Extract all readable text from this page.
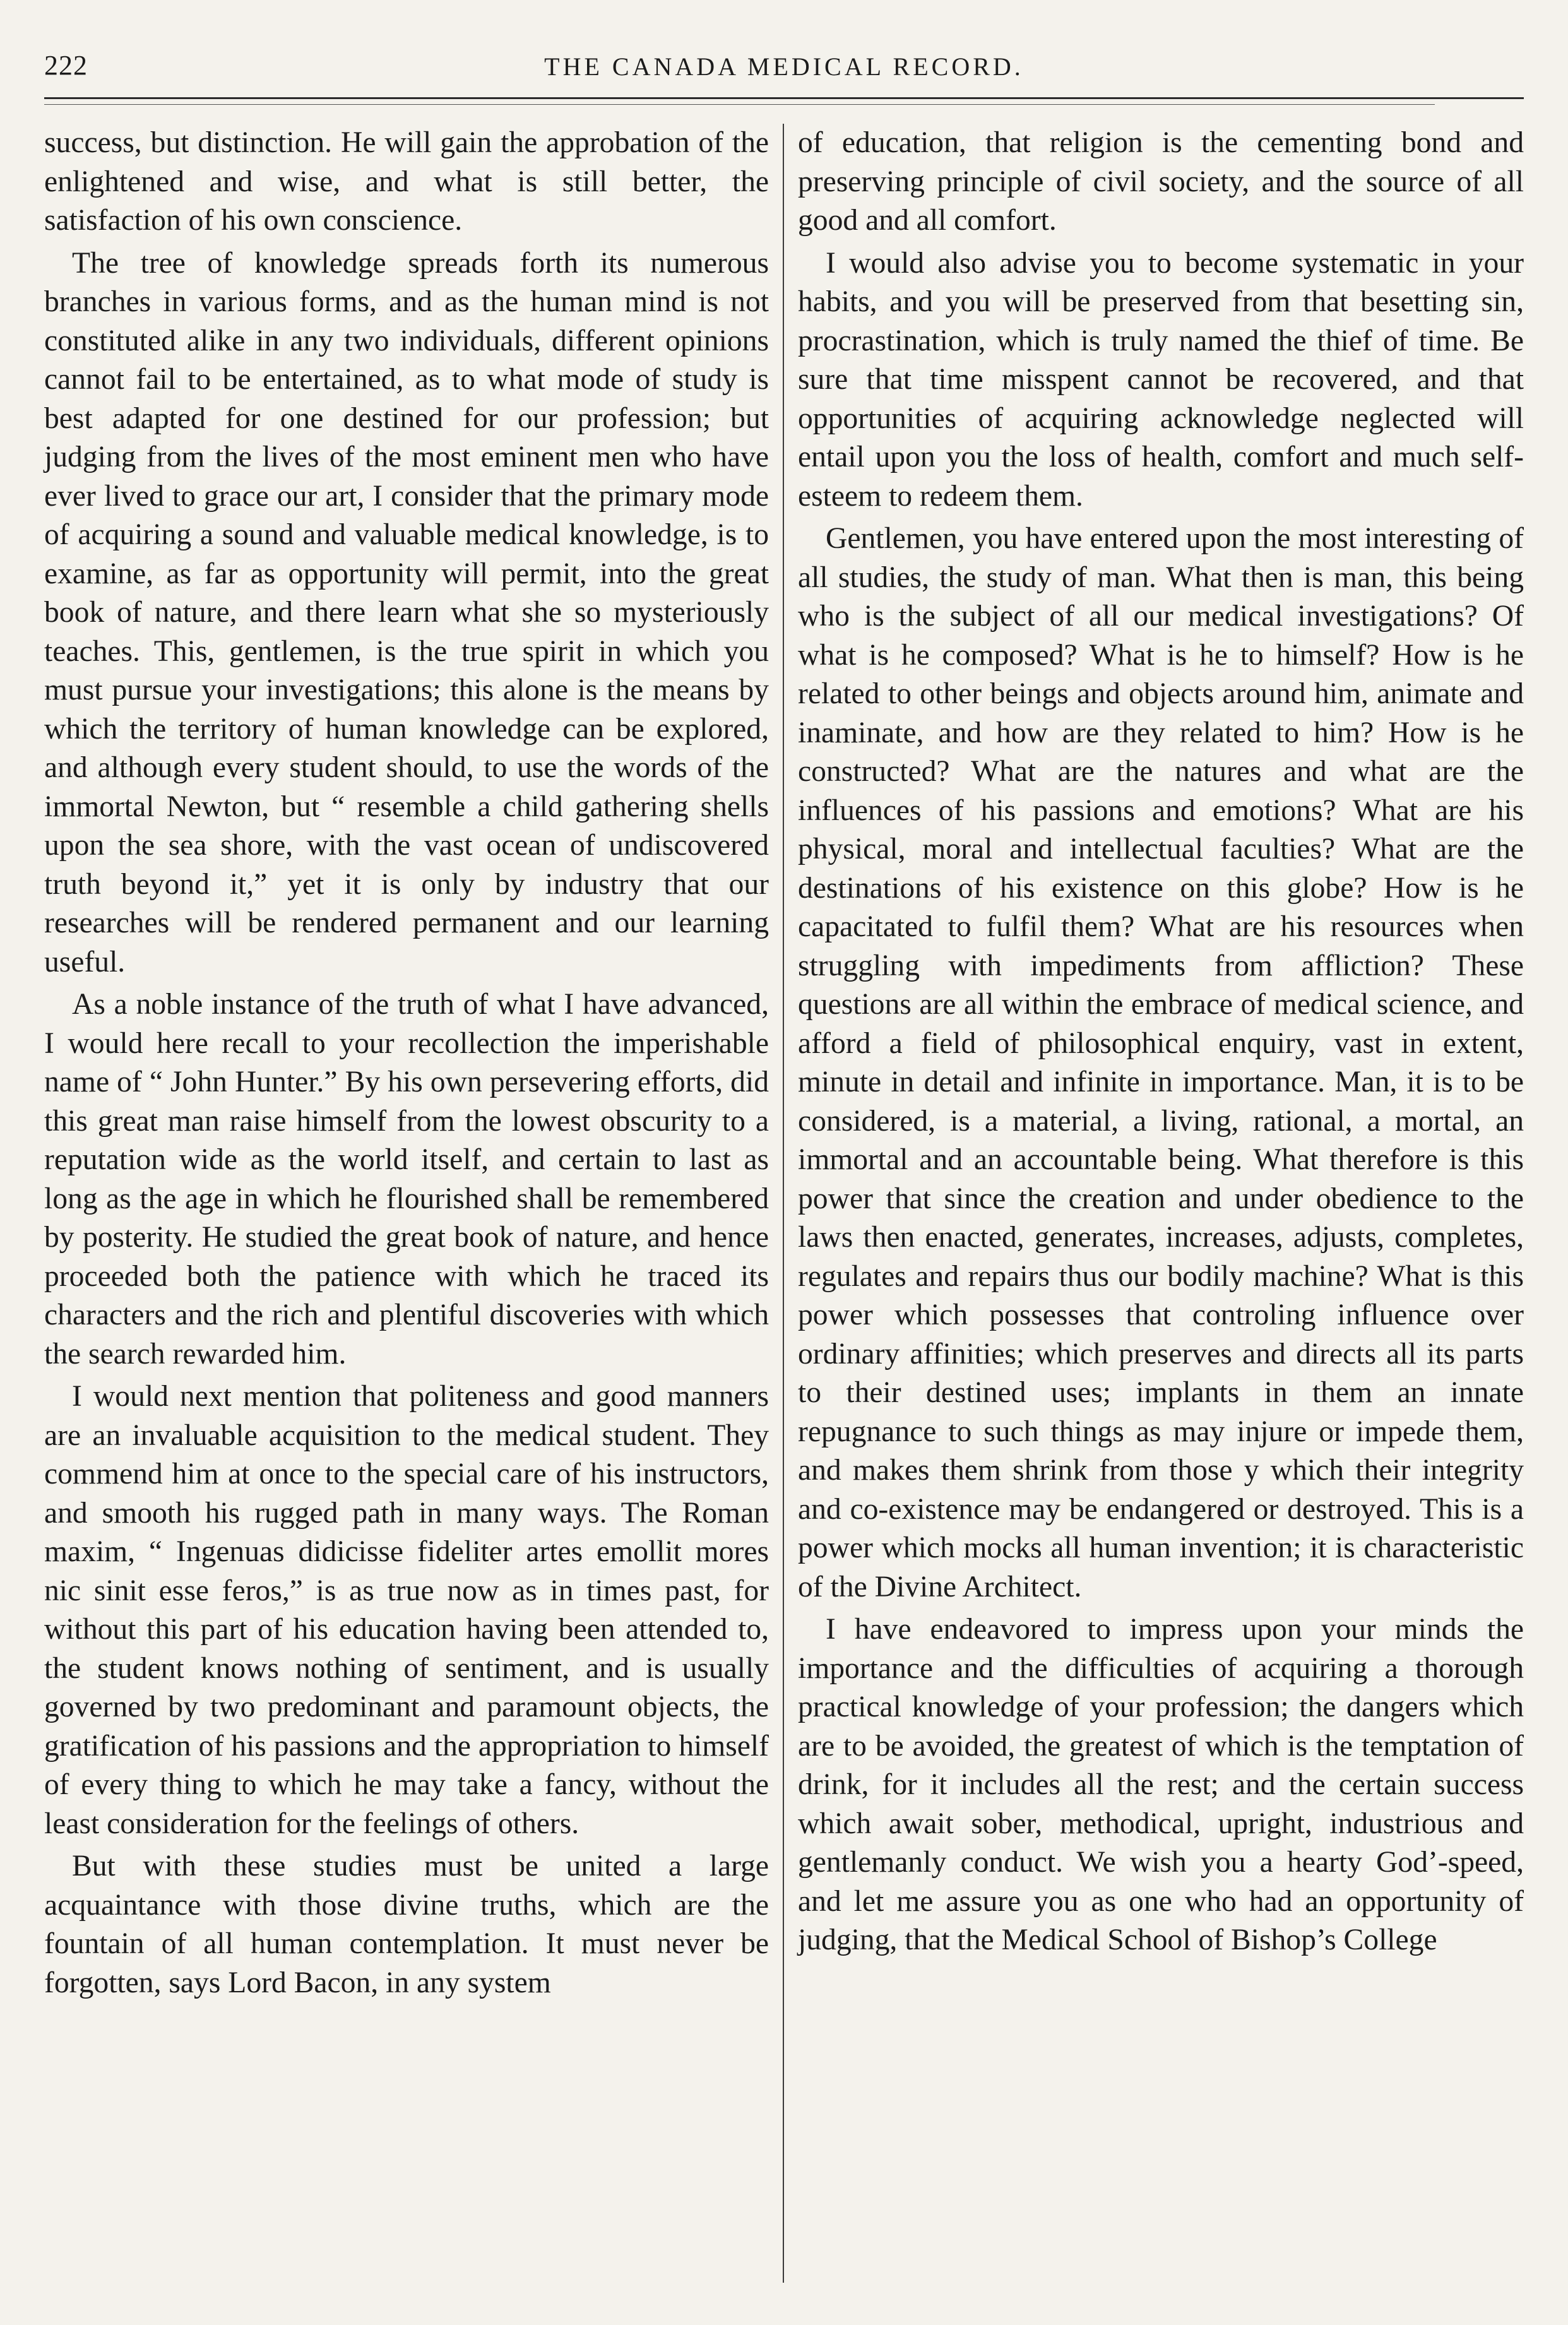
222	THE CANADA MEDICAL RECORD.

success, but distinction. He will gain the approbation of the enlightened and wise, and what is still better, the satisfaction of his own conscience.

The tree of knowledge spreads forth its numerous branches in various forms, and as the human mind is not constituted alike in any two individuals, different opinions cannot fail to be entertained, as to what mode of study is best adapted for one destined for our profession; but judging from the lives of the most eminent men who have ever lived to grace our art, I consider that the primary mode of acquiring a sound and valuable medical knowledge, is to examine, as far as opportunity will permit, into the great book of nature, and there learn what she so mysteriously teaches. This, gentlemen, is the true spirit in which you must pursue your investigations; this alone is the means by which the territory of human knowledge can be explored, and although every student should, to use the words of the immortal Newton, but “ resemble a child gathering shells upon the sea shore, with the vast ocean of undiscovered truth beyond it,” yet it is only by industry that our researches will be rendered permanent and our learning useful.

As a noble instance of the truth of what I have advanced, I would here recall to your recollection the imperishable name of “ John Hunter.” By his own persevering efforts, did this great man raise himself from the lowest obscurity to a reputation wide as the world itself, and certain to last as long as the age in which he flourished shall be remembered by posterity. He studied the great book of nature, and hence proceeded both the patience with which he traced its characters and the rich and plentiful discoveries with which the search rewarded him.

I would next mention that politeness and good manners are an invaluable acquisition to the medical student. They commend him at once to the special care of his instructors, and smooth his rugged path in many ways. The Roman maxim, “ Ingenuas didicisse fideliter artes emollit mores nic sinit esse feros,” is as true now as in times past, for without this part of his education having been attended to, the student knows nothing of sentiment, and is usually governed by two predominant and paramount objects, the gratification of his passions and the appropriation to himself of every thing to which he may take a fancy, without the least consideration for the feelings of others.

But with these studies must be united a large acquaintance with those divine truths, which are the fountain of all human contemplation. It must never be forgotten, says Lord Bacon, in any system

of education, that religion is the cementing bond and preserving principle of civil society, and the source of all good and all comfort.

I would also advise you to become systematic in your habits, and you will be preserved from that besetting sin, procrastination, which is truly named the thief of time. Be sure that time misspent cannot be recovered, and that opportunities of acquiring acknowledge neglected will entail upon you the loss of health, comfort and much self-esteem to redeem them.

Gentlemen, you have entered upon the most interesting of all studies, the study of man. What then is man, this being who is the subject of all our medical investigations? Of what is he composed? What is he to himself? How is he related to other beings and objects around him, animate and inaminate, and how are they related to him? How is he constructed? What are the natures and what are the influences of his passions and emotions? What are his physical, moral and intellectual faculties? What are the destinations of his existence on this globe? How is he capacitated to fulfil them? What are his resources when struggling with impediments from affliction? These questions are all within the embrace of medical science, and afford a field of philosophical enquiry, vast in extent, minute in detail and infinite in importance. Man, it is to be considered, is a material, a living, rational, a mortal, an immortal and an accountable being. What therefore is this power that since the creation and under obedience to the laws then enacted, generates, increases, adjusts, completes, regulates and repairs thus our bodily machine? What is this power which possesses that controling influence over ordinary affinities; which preserves and directs all its parts to their destined uses; implants in them an innate repugnance to such things as may injure or impede them, and makes them shrink from those y which their integrity and co-existence may be endangered or destroyed. This is a power which mocks all human invention; it is characteristic of the Divine Architect.

I have endeavored to impress upon your minds the importance and the difficulties of acquiring a thorough practical knowledge of your profession; the dangers which are to be avoided, the greatest of which is the temptation of drink, for it includes all the rest; and the certain success which await sober, methodical, upright, industrious and gentlemanly conduct. We wish you a hearty God’-speed, and let me assure you as one who had an opportunity of judging, that the Medical School of Bishop’s College
